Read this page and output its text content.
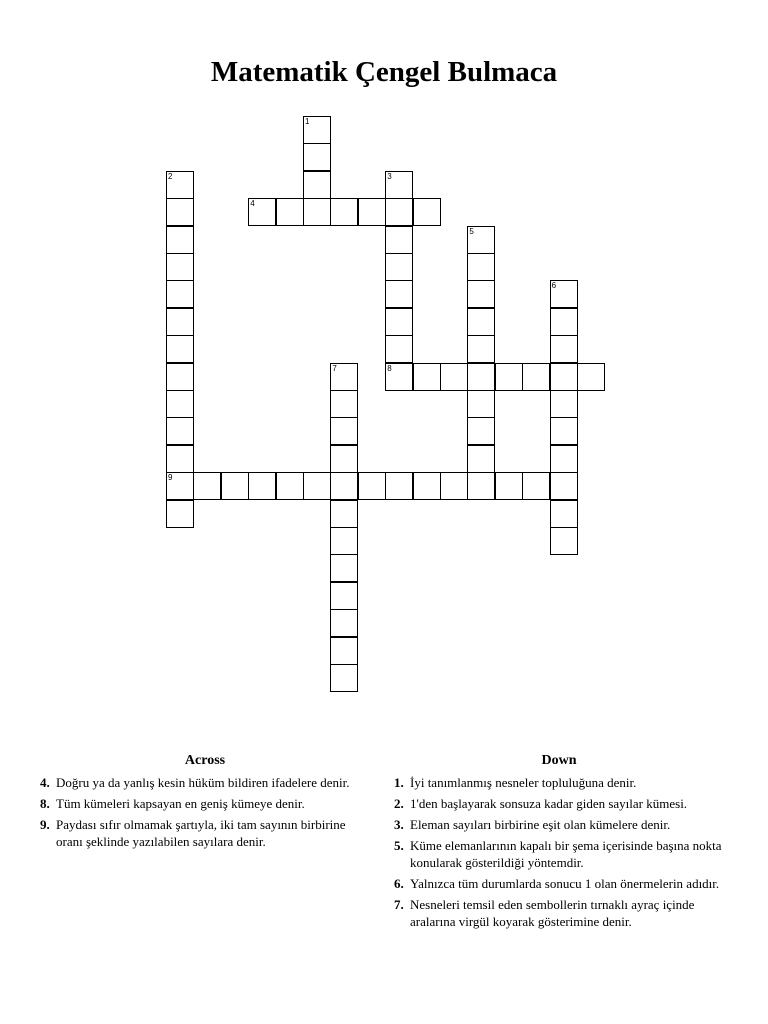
Matematik Çengel Bulmaca
1
2
9
3
8
4
5
6
7
Across
4. Doğru ya da yanlış kesin hüküm bildiren ifadelere denir.
8. Tüm kümeleri kapsayan en geniş kümeye denir.
9. Paydası sıfır olmamak şartıyla, iki tam sayının birbirine oranı şeklinde yazılabilen sayılara denir.
Down
1. İyi tanımlanmış nesneler topluluğuna denir.
2. 1'den başlayarak sonsuza kadar giden sayılar kümesi.
3. Eleman sayıları birbirine eşit olan kümelere denir.
5. Küme elemanlarının kapalı bir şema içerisinde başına nokta konularak gösterildiği yöntemdir.
6. Yalnızca tüm durumlarda sonucu 1 olan önermelerin adıdır.
7. Nesneleri temsil eden sembollerin tırnaklı ayraç içinde aralarına virgül koyarak gösterimine denir.
